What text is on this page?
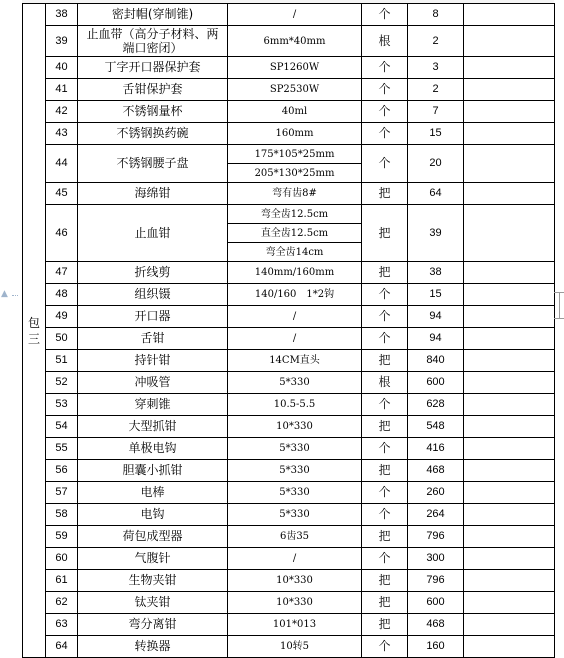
包
三	38	密封帽(穿制锥)	/	个	8	
	39	止血带（高分子材料、两端口密闭）	6mm*40mm	根	2	
	40	丁字开口器保护套	SP1260W	个	3	
	41	舌钳保护套	SP2530W	个	2	
	42	不锈钢量杯	40ml	个	7	
	43	不锈钢换药碗	160mm	个	15	
	44	不锈钢腰子盘	175*105*25mm	个	20	
			205*130*25mm			
	45	海绵钳	弯有齿8#	把	64	
	46	止血钳	弯全齿12.5cm	把	39	
			直全齿12.5cm			
			弯全齿14cm			
	47	折线剪	140mm/160mm	把	38	
	48	组织镊	140/160　1*2钩	个	15	
	49	开口器	/	个	94	
	50	舌钳	/	个	94	
	51	持针钳	14CM直头	把	840	
	52	冲吸管	5*330	根	600	
	53	穿刺锥	10.5-5.5	个	628	
	54	大型抓钳	10*330	把	548	
	55	单极电钩	5*330	个	416	
	56	胆囊小抓钳	5*330	把	468	
	57	电棒	5*330	个	260	
	58	电钩	5*330	个	264	
	59	荷包成型器	6齿35	把	796	
	60	气腹针	/	个	300	
	61	生物夹钳	10*330	把	796	
	62	钛夹钳	10*330	把	600	
	63	弯分离钳	101*013	把	468	
	64	转换器	10转5	个	160	
▲
